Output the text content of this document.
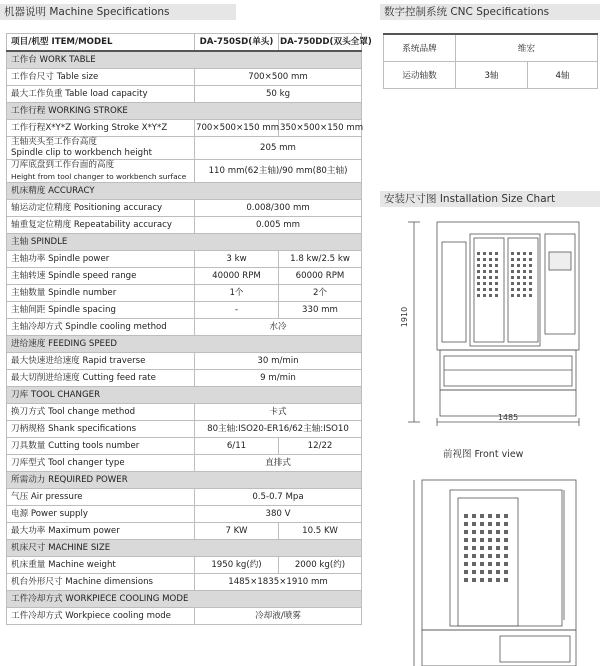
机器说明 Machine Specifications	数字控制系统 CNC Specifications
项目/机型 ITEM/MODEL	DA-750SD(单头)	DA-750DD(双头全罩)
工作台 WORK TABLE		
工作台尺寸 Table size	700×500 mm	
最大工作负重 Table load capacity	50 kg	
工作行程 WORKING STROKE		
工作行程X*Y*Z Working Stroke X*Y*Z	700×500×150 mm	350×500×150 mm

主轴夹头至工作台高度
Spindle clip to workbench height	205 mm	

刀库底盘到工作台面的高度
Height from tool changer to workbench surface	110 mm(62主轴)/90 mm(80主轴)	
机床精度 ACCURACY		
轴运动定位精度 Positioning accuracy	0.008/300 mm	
轴重复定位精度 Repeatability accuracy	0.005 mm	
主轴 SPINDLE		
主轴功率 Spindle power	3 kw	1.8 kw/2.5 kw
主轴转速 Spindle speed range	40000 RPM	60000 RPM
主轴数量 Spindle number	1个	2个
主轴间距 Spindle spacing	-	330 mm
主轴冷却方式 Spindle cooling method	水冷	
进给速度 FEEDING SPEED		
最大快速进给速度 Rapid traverse	30 m/min	
最大切削进给速度 Cutting feed rate	9 m/min	
刀库 TOOL CHANGER		
换刀方式 Tool change method	卡式	
刀柄规格 Shank specifications	80主轴:ISO20-ER16/62主轴:ISO10	
刀具数量 Cutting tools number	6/11	12/22
刀库型式 Tool changer type	直排式	
所需动力 REQUIRED POWER		
气压 Air pressure	0.5-0.7 Mpa	
电源 Power supply	380 V	
最大功率 Maximum power	7 KW	10.5 KW
机床尺寸 MACHINE SIZE		
机床重量 Machine weight	1950 kg(约)	2000 kg(约)
机台外形尺寸 Machine dimensions	1485×1835×1910 mm	
工件冷却方式 WORKPIECE COOLING MODE		
工件冷却方式 Workpiece cooling mode	冷却液/喷雾	
系统品牌	维宏	
运动轴数	3轴	4轴
安装尺寸图 Installation Size Chart
1910
1485
前视图 Front view
